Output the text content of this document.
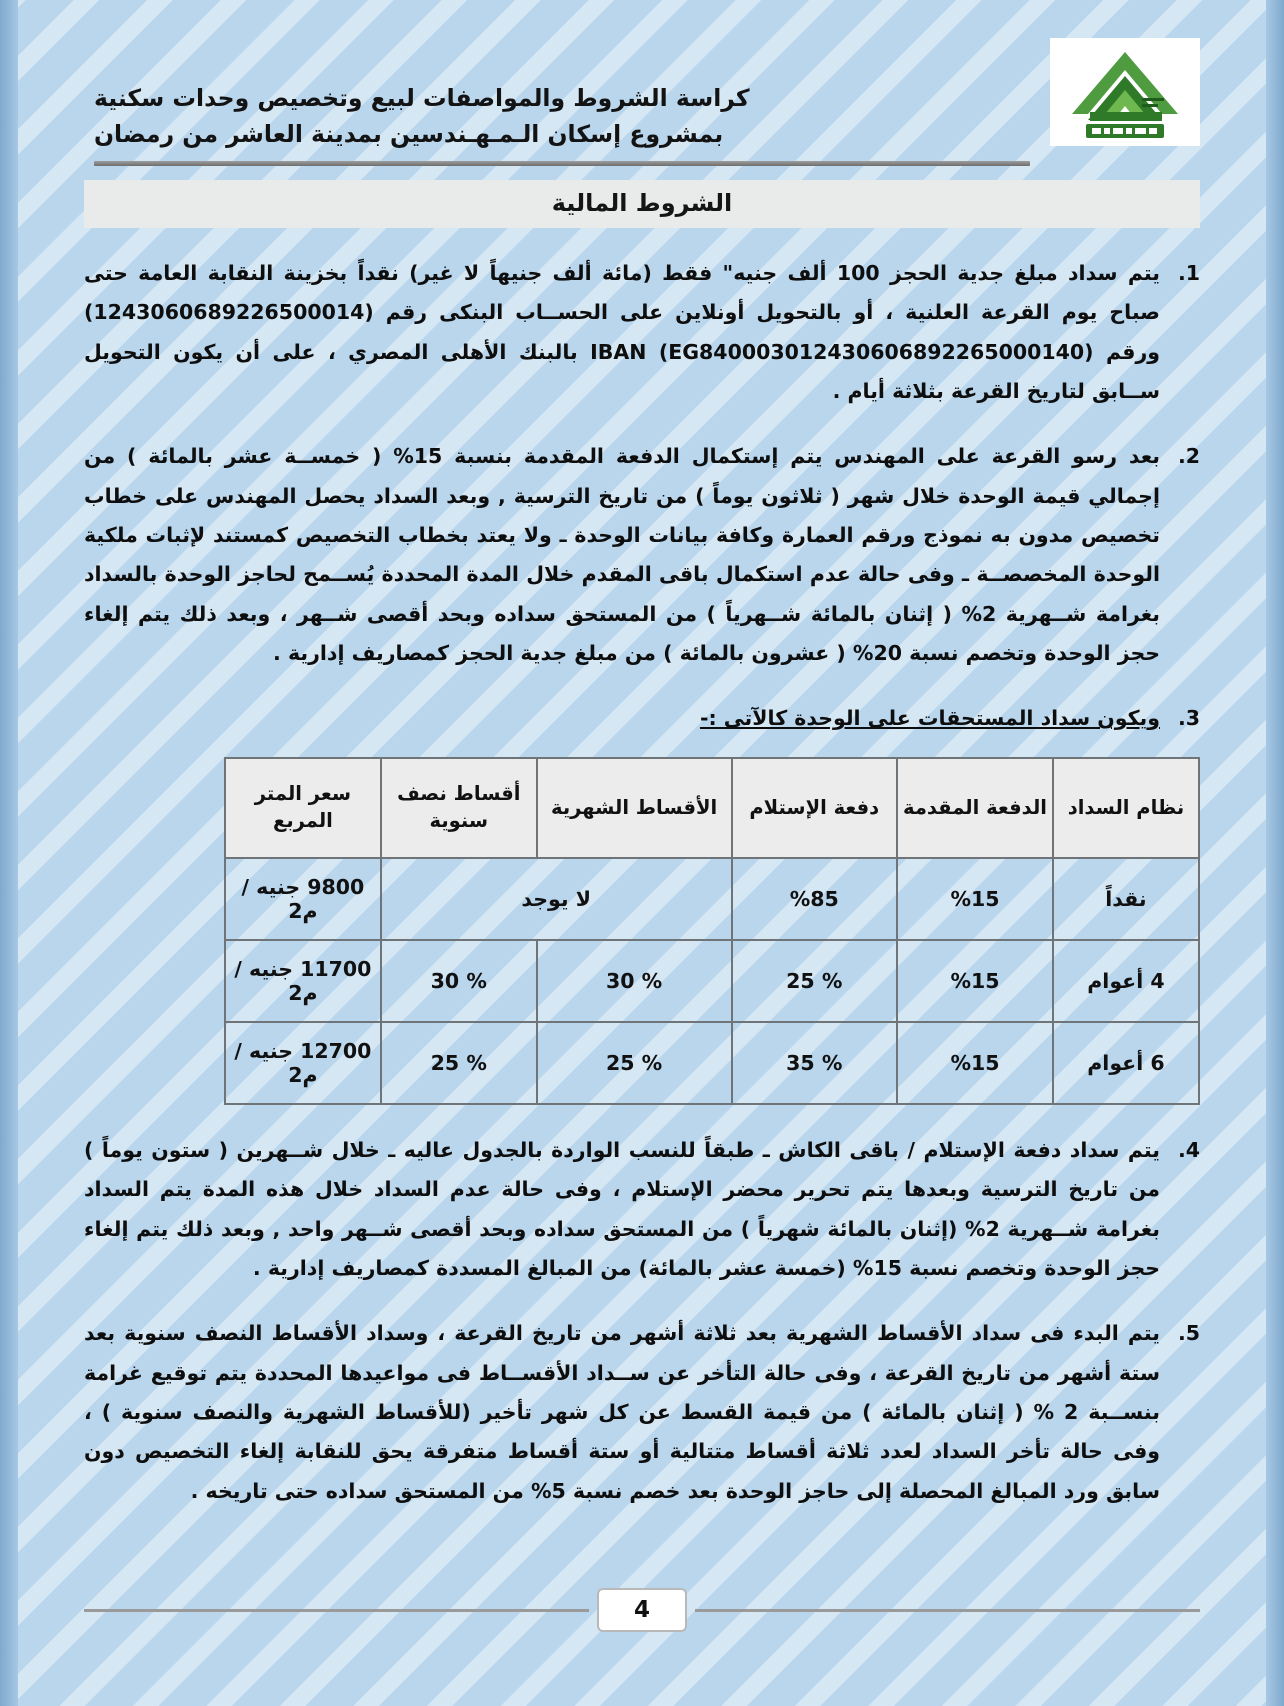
كراسة الشروط والمواصفات لبيع وتخصيص وحدات سكنية
بمشروع إسكان الـمـهـندسين بمدينة العاشر من رمضان
الشروط المالية
يتم سداد مبلغ جدية الحجز 100 ألف جنيه" فقط (مائة ألف جنيهاً لا غير) نقداً بخزينة النقابة العامة حتى صباح يوم القرعة العلنية ، أو بالتحويل أونلاين على الحســاب البنكى رقم (1243060689226500014) ورقم IBAN (EG840003012430606892265000140) بالبنك الأهلى المصري ، على أن يكون التحويل ســابق لتاريخ القرعة بثلاثة أيام .
بعد رسو القرعة على المهندس يتم إستكمال الدفعة المقدمة بنسبة 15% ( خمســة عشر بالمائة ) من إجمالي قيمة الوحدة خلال شهر ( ثلاثون يوماً ) من تاريخ الترسية , وبعد السداد يحصل المهندس على خطاب تخصيص مدون به نموذج ورقم العمارة وكافة بيانات الوحدة ـ ولا يعتد بخطاب التخصيص كمستند لإثبات ملكية الوحدة المخصصــة ـ وفى حالة عدم استكمال باقى المقدم خلال المدة المحددة يُســمح لحاجز الوحدة بالسداد بغرامة شــهرية 2% ( إثنان بالمائة شــهرياً ) من المستحق سداده وبحد أقصى شــهر ، وبعد ذلك يتم إلغاء حجز الوحدة وتخصم نسبة 20% ( عشرون بالمائة ) من مبلغ جدية الحجز كمصاريف إدارية .
ويكون سداد المستحقات على الوحدة كالآتى :-
نظام السداد	الدفعة المقدمة	دفعة الإستلام	الأقساط الشهرية	أقساط نصف سنوية	سعر المتر المربع
نقداً	%15	%85	لا يوجد		9800 جنيه / م2
4 أعوام	%15	% 25	% 30	% 30	11700 جنيه / م2
6 أعوام	%15	% 35	% 25	% 25	12700 جنيه / م2
يتم سداد دفعة الإستلام / باقى الكاش ـ طبقاً للنسب الواردة بالجدول عاليه ـ خلال شــهرين ( ستون يوماً ) من تاريخ الترسية وبعدها يتم تحرير محضر الإستلام ، وفى حالة عدم السداد خلال هذه المدة يتم السداد بغرامة شــهرية 2% (إثنان بالمائة شهرياً ) من المستحق سداده وبحد أقصى شــهر واحد , وبعد ذلك يتم إلغاء حجز الوحدة وتخصم نسبة 15% (خمسة عشر بالمائة) من المبالغ المسددة كمصاريف إدارية .
يتم البدء فى سداد الأقساط الشهرية بعد ثلاثة أشهر من تاريخ القرعة ، وسداد الأقساط النصف سنوية بعد ستة أشهر من تاريخ القرعة ، وفى حالة التأخر عن ســداد الأقســاط فى مواعيدها المحددة يتم توقيع غرامة بنســبة 2 % ( إثنان بالمائة ) من قيمة القسط عن كل شهر تأخير (للأقساط الشهرية والنصف سنوية ) ، وفى حالة تأخر السداد لعدد ثلاثة أقساط متتالية أو ستة أقساط متفرقة يحق للنقابة إلغاء التخصيص دون سابق ورد المبالغ المحصلة إلى حاجز الوحدة بعد خصم نسبة 5% من المستحق سداده حتى تاريخه .
4
